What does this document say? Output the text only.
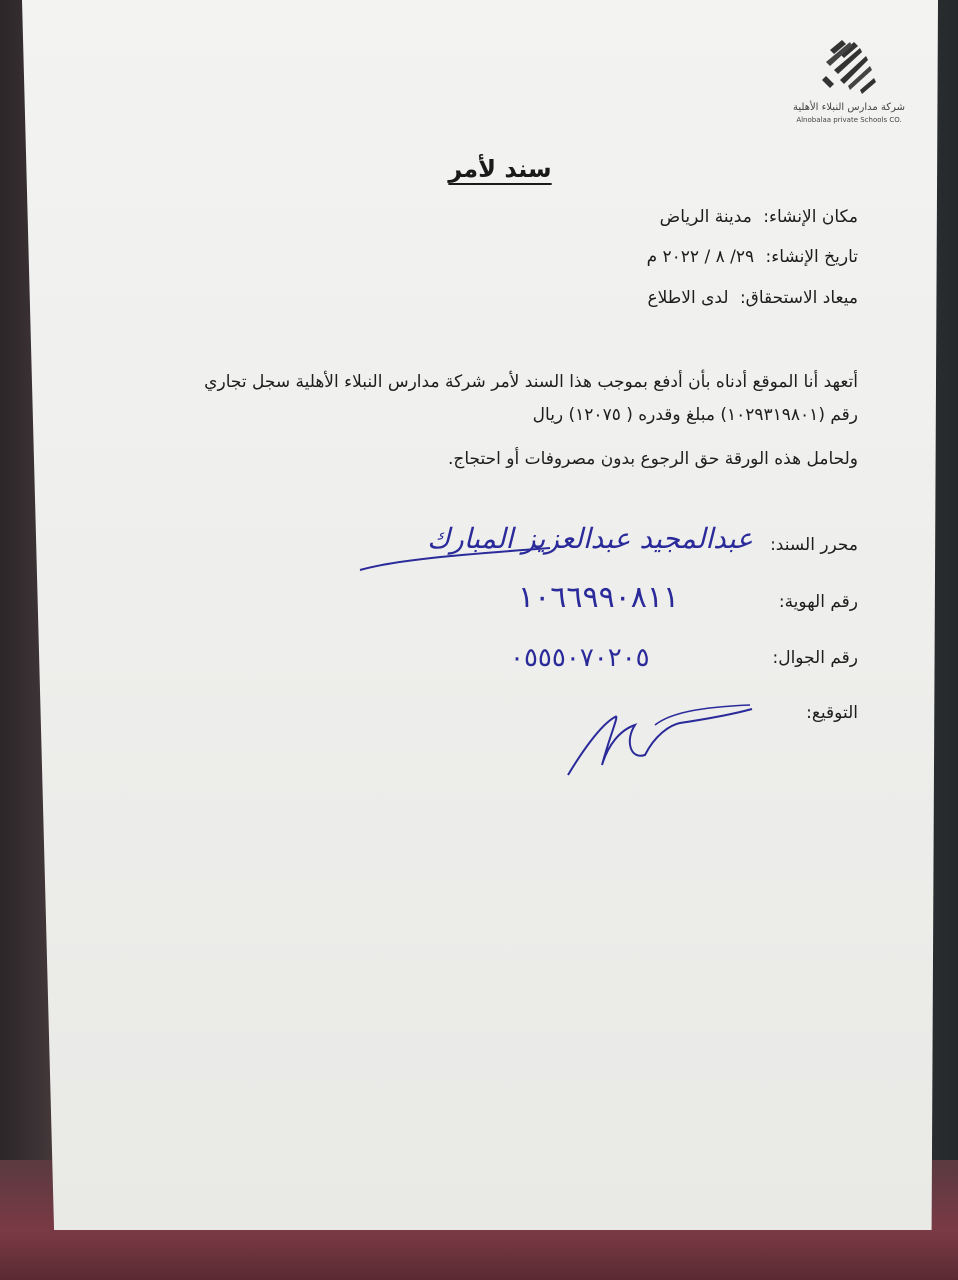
شركة مدارس النبلاء الأهلية
Alnobalaa private Schools CO.
سند لأمر
مكان الإنشاء: مدينة الرياض
تاريخ الإنشاء: ٢٩/ ٨ / ٢٠٢٢ م
ميعاد الاستحقاق: لدى الاطلاع
أتعهد أنا الموقع أدناه بأن أدفع بموجب هذا السند لأمر شركة مدارس النبلاء الأهلية سجل تجاري
رقم (١٠٢٩٣١٩٨٠١) مبلغ وقدره ( ١٢٠٧٥) ريال
ولحامل هذه الورقة حق الرجوع بدون مصروفات أو احتجاج.
محرر السند:
عبدالمجيد عبدالعزيز المبارك
رقم الهوية:
١٠٦٦٩٩٠٨١١
رقم الجوال:
٠٥٥٥٠٧٠٢٠٥
التوقيع:
